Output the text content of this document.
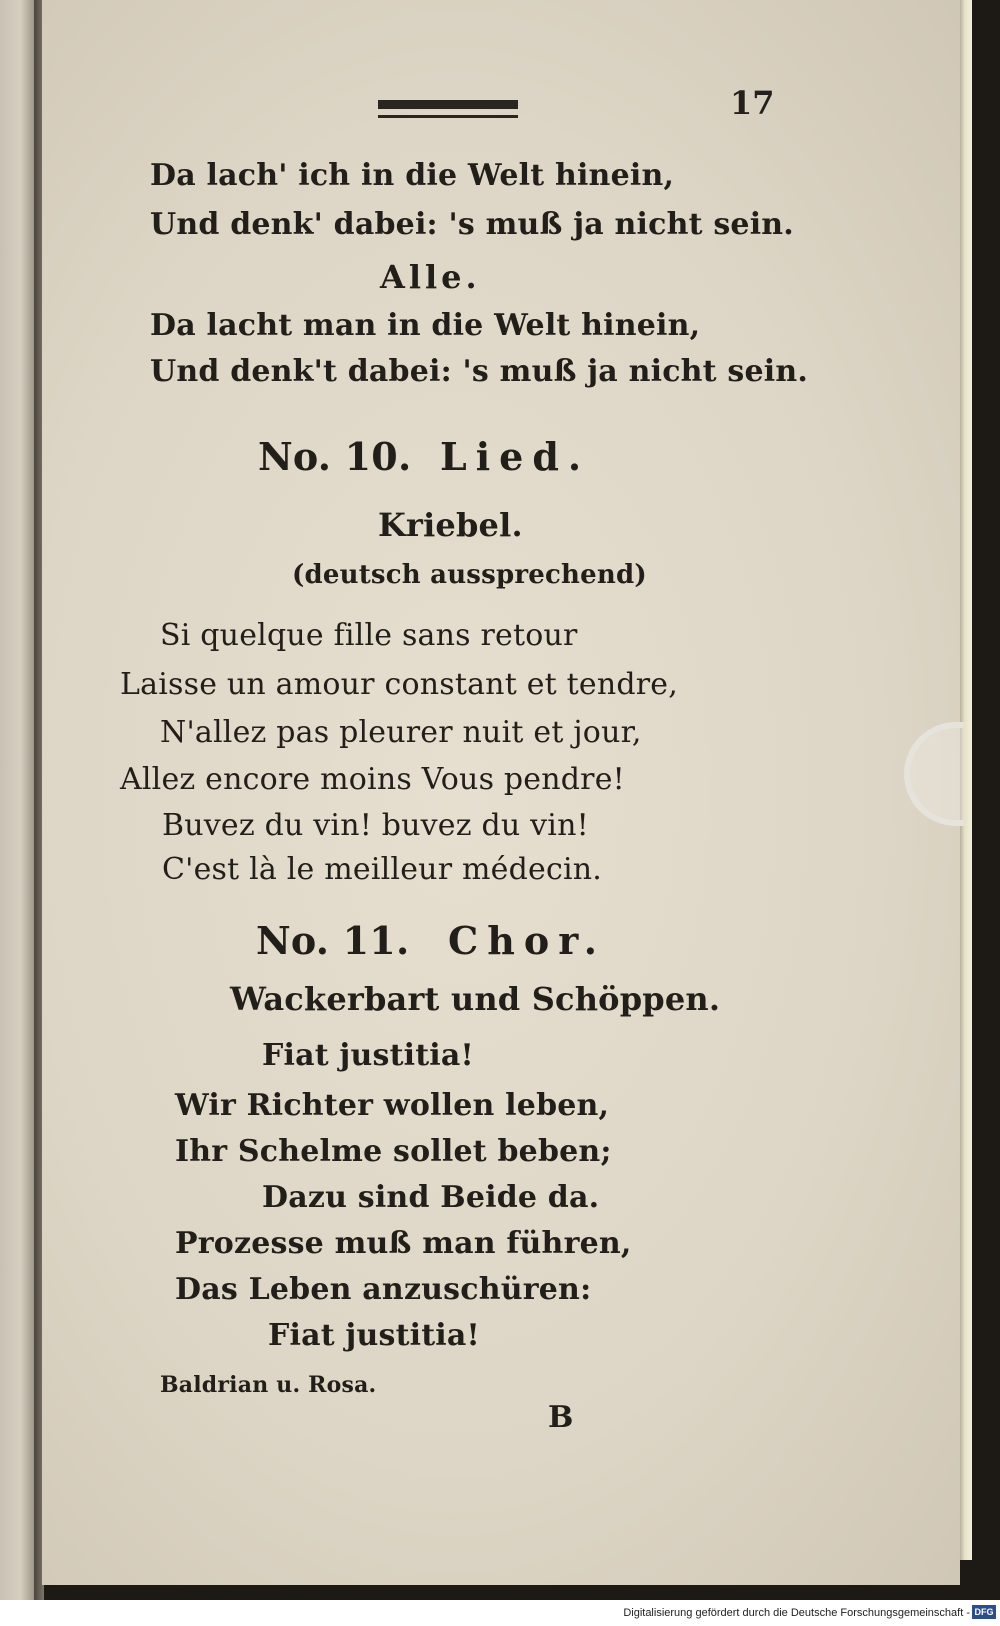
17
Da lach' ich in die Welt hinein,
Und denk' dabei: 's muß ja nicht sein.
Alle.
Da lacht man in die Welt hinein,
Und denk't dabei: 's muß ja nicht sein.
No. 10. Lied.
Kriebel.
(deutsch aussprechend)
Si quelque fille sans retour
Laisse un amour constant et tendre,
N'allez pas pleurer nuit et jour,
Allez encore moins Vous pendre!
Buvez du vin! buvez du vin!
C'est là le meilleur médecin.
No. 11. Chor.
Wackerbart und Schöppen.
Fiat justitia!
Wir Richter wollen leben,
Ihr Schelme sollet beben;
Dazu sind Beide da.
Prozesse muß man führen,
Das Leben anzuschüren:
Fiat justitia!
Baldrian u. Rosa.
B
Digitalisierung gefördert durch die Deutsche Forschungsgemeinschaft - DFG
